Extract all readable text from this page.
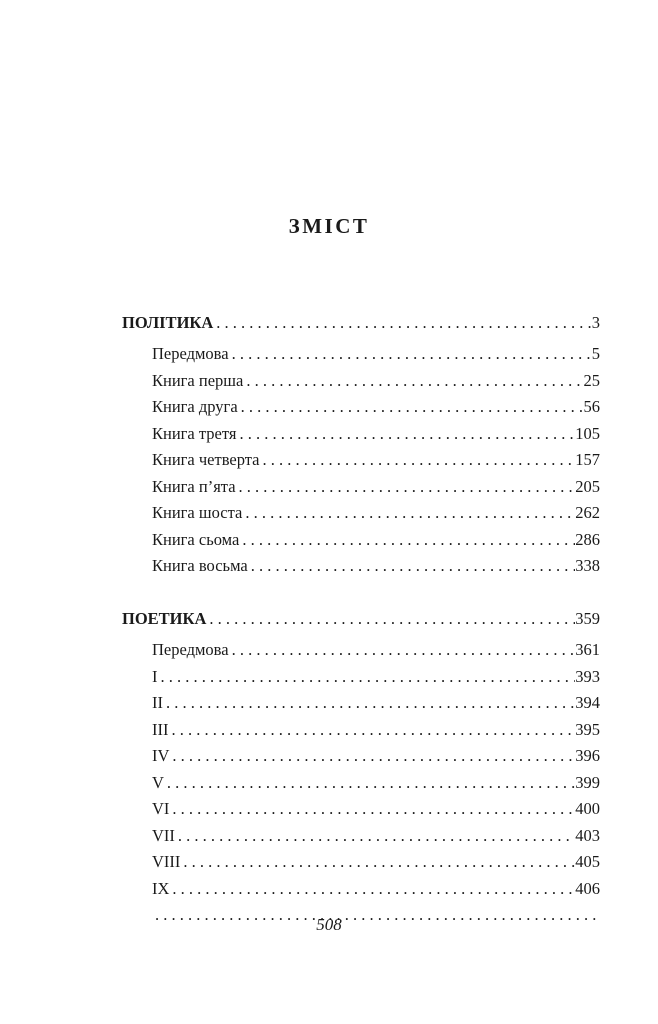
ЗМІСТ
ПОЛІТИКА . . .	3
Передмова . . .	5
Книга перша . . .	25
Книга друга . . .	56
Книга третя . . .	105
Книга четверта . . .	157
Книга п’ята . . .	205
Книга шоста . . .	262
Книга сьома . . .	286
Книга восьма . . .	338
ПОЕТИКА . . .	359
Передмова . . .	361
I . . .	393
II . . .	394
III . . .	395
IV . . .	396
V . . .	399
VI . . .	400
VII . . .	403
VIII . . .	405
IX . . .	406
. . .
508
